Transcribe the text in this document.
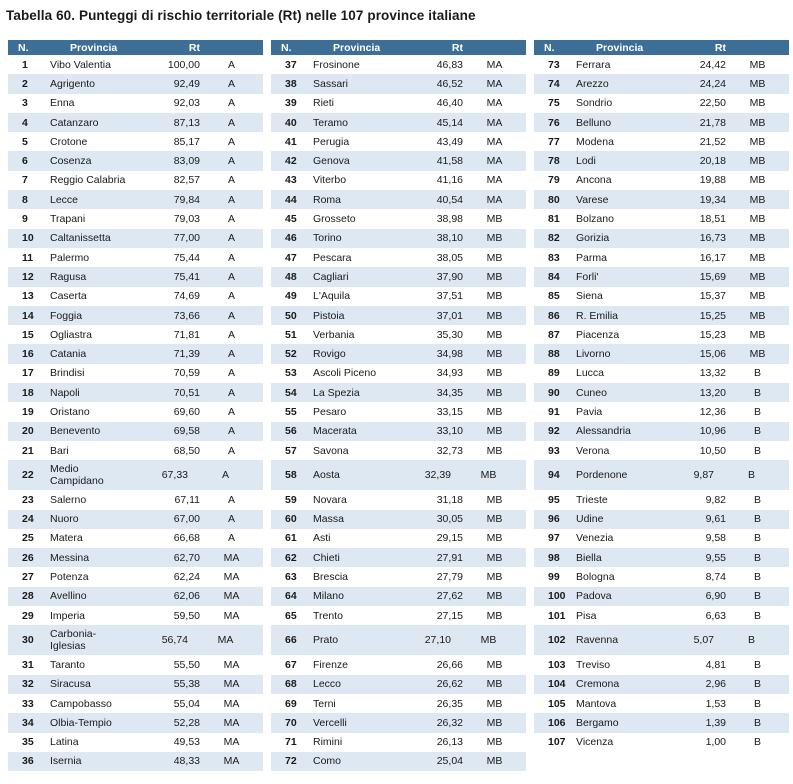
Tabella 60. Punteggi di rischio territoriale (Rt) nelle 107 province italiane
N.	Provincia	Rt
1	Vibo Valentia	100,00	A
2	Agrigento	92,49	A
3	Enna	92,03	A
4	Catanzaro	87,13	A
5	Crotone	85,17	A
6	Cosenza	83,09	A
7	Reggio Calabria	82,57	A
8	Lecce	79,84	A
9	Trapani	79,03	A
10	Caltanissetta	77,00	A
11	Palermo	75,44	A
12	Ragusa	75,41	A
13	Caserta	74,69	A
14	Foggia	73,66	A
15	Ogliastra	71,81	A
16	Catania	71,39	A
17	Brindisi	70,59	A
18	Napoli	70,51	A
19	Oristano	69,60	A
20	Benevento	69,58	A
21	Bari	68,50	A
22	Medio Campidano	67,33	A
23	Salerno	67,11	A
24	Nuoro	67,00	A
25	Matera	66,68	A
26	Messina	62,70	MA
27	Potenza	62,24	MA
28	Avellino	62,06	MA
29	Imperia	59,50	MA
30	Carbonia-Iglesias	56,74	MA
31	Taranto	55,50	MA
32	Siracusa	55,38	MA
33	Campobasso	55,04	MA
34	Olbia-Tempio	52,28	MA
35	Latina	49,53	MA
36	Isernia	48,33	MA
N.	Provincia	Rt
37	Frosinone	46,83	MA
38	Sassari	46,52	MA
39	Rieti	46,40	MA
40	Teramo	45,14	MA
41	Perugia	43,49	MA
42	Genova	41,58	MA
43	Viterbo	41,16	MA
44	Roma	40,54	MA
45	Grosseto	38,98	MB
46	Torino	38,10	MB
47	Pescara	38,05	MB
48	Cagliari	37,90	MB
49	L'Aquila	37,51	MB
50	Pistoia	37,01	MB
51	Verbania	35,30	MB
52	Rovigo	34,98	MB
53	Ascoli Piceno	34,93	MB
54	La Spezia	34,35	MB
55	Pesaro	33,15	MB
56	Macerata	33,10	MB
57	Savona	32,73	MB
58	Aosta	32,39	MB
59	Novara	31,18	MB
60	Massa	30,05	MB
61	Asti	29,15	MB
62	Chieti	27,91	MB
63	Brescia	27,79	MB
64	Milano	27,62	MB
65	Trento	27,15	MB
66	Prato	27,10	MB
67	Firenze	26,66	MB
68	Lecco	26,62	MB
69	Terni	26,35	MB
70	Vercelli	26,32	MB
71	Rimini	26,13	MB
72	Como	25,04	MB
N.	Provincia	Rt
73	Ferrara	24,42	MB
74	Arezzo	24,24	MB
75	Sondrio	22,50	MB
76	Belluno	21,78	MB
77	Modena	21,52	MB
78	Lodi	20,18	MB
79	Ancona	19,88	MB
80	Varese	19,34	MB
81	Bolzano	18,51	MB
82	Gorizia	16,73	MB
83	Parma	16,17	MB
84	Forli'	15,69	MB
85	Siena	15,37	MB
86	R. Emilia	15,25	MB
87	Piacenza	15,23	MB
88	Livorno	15,06	MB
89	Lucca	13,32	B
90	Cuneo	13,20	B
91	Pavia	12,36	B
92	Alessandria	10,96	B
93	Verona	10,50	B
94	Pordenone	9,87	B
95	Trieste	9,82	B
96	Udine	9,61	B
97	Venezia	9,58	B
98	Biella	9,55	B
99	Bologna	8,74	B
100 Padova	6,90	B
101 Pisa	6,63	B
102 Ravenna	5,07	B
103 Treviso	4,81	B
104 Cremona	2,96	B
105 Mantova	1,53	B
106 Bergamo	1,39	B
107 Vicenza	1,00	B
